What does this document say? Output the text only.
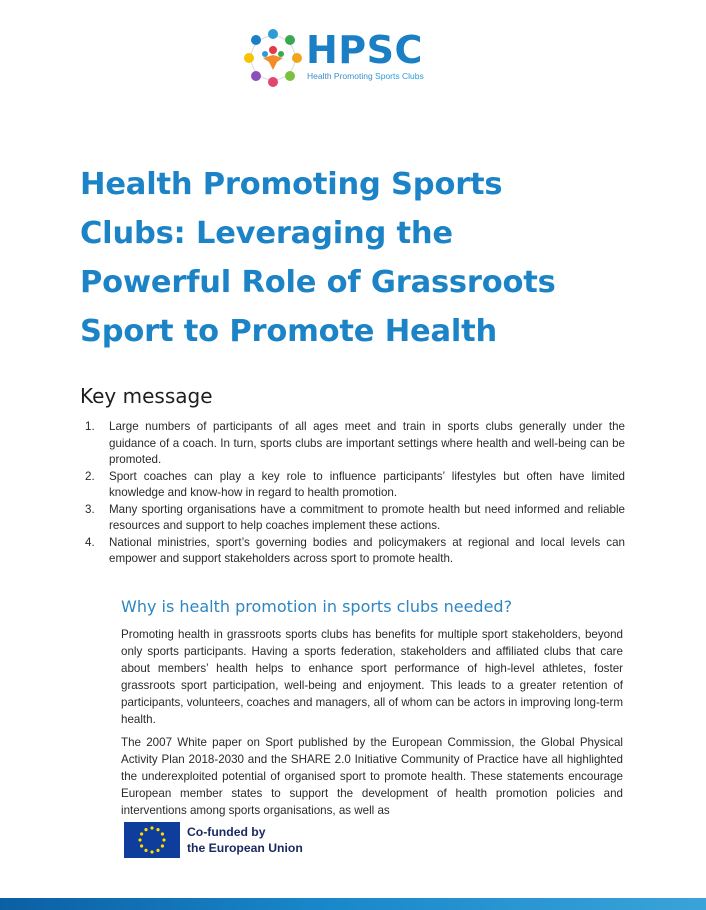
HPSC
Health Promoting Sports Clubs
Health Promoting Sports
Clubs: Leveraging the
Powerful Role of Grassroots
Sport to Promote Health
Key message
1. Large numbers of participants of all ages meet and train in sports clubs generally under the guidance of a coach. In turn, sports clubs are important settings where health and well-being can be promoted.
2. Sport coaches can play a key role to influence participants’ lifestyles but often have limited knowledge and know-how in regard to health promotion.
3. Many sporting organisations have a commitment to promote health but need informed and reliable resources and support to help coaches implement these actions.
4. National ministries, sport’s governing bodies and policymakers at regional and local levels can empower and support stakeholders across sport to promote health.
Why is health promotion in sports clubs needed?

Promoting health in grassroots sports clubs has benefits for multiple sport stakeholders, beyond only sports participants. Having a sports federation, stakeholders and affiliated clubs that care about members’ health helps to enhance sport performance of high-level athletes, foster grassroots sport participation, well-being and enjoyment. This leads to a greater retention of participants, volunteers, coaches and managers, all of whom can be actors in improving long-term health.

The 2007 White paper on Sport published by the European Commission, the Global Physical Activity Plan 2018-2030 and the SHARE 2.0 Initiative Community of Practice have all highlighted the underexploited potential of organised sport to promote health. These statements encourage European member states to support the development of health promotion policies and interventions among sports organisations, as well as

Co-funded by
the European Union
